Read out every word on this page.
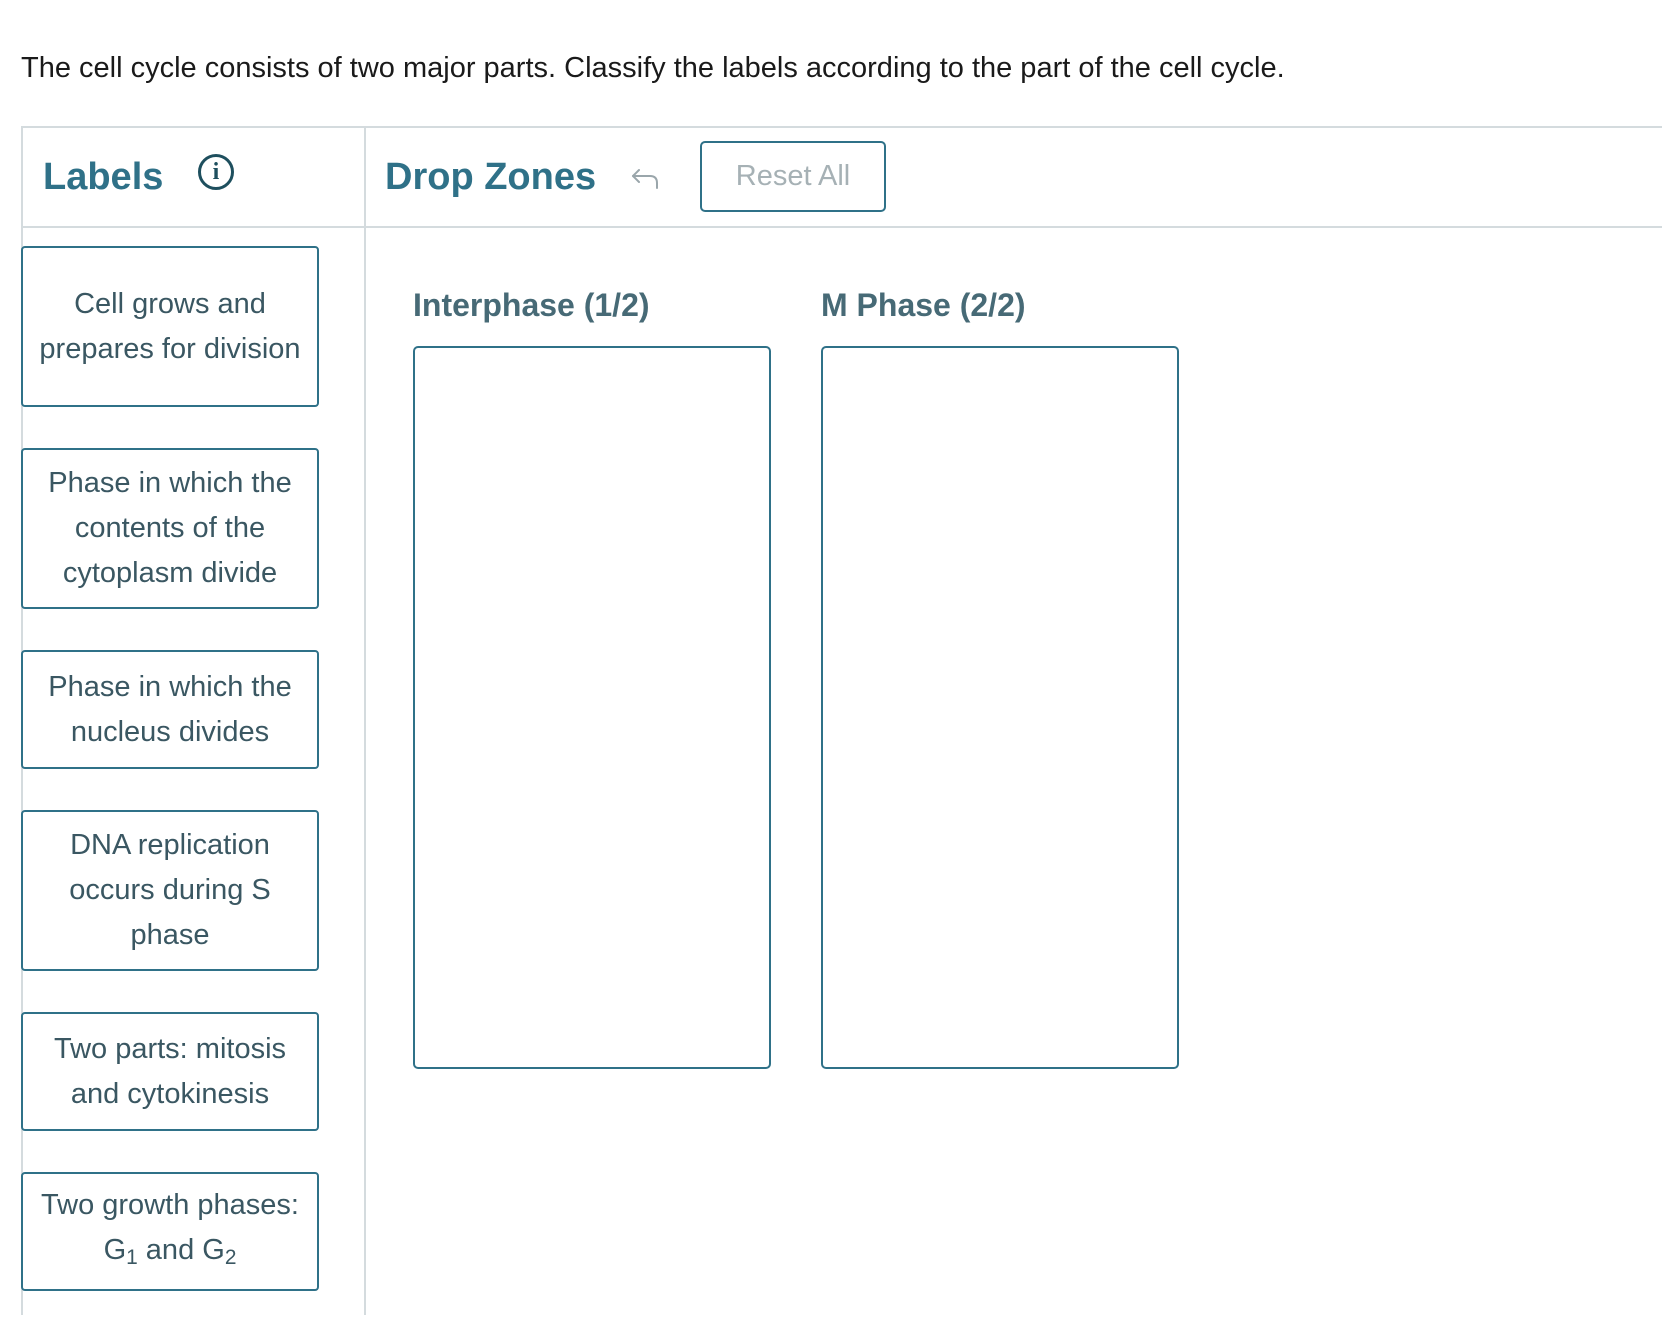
The cell cycle consists of two major parts. Classify the labels according to the part of the cell cycle.
Labels	i	Drop Zones	Reset All
Cell grows and prepares for division
Phase in which the contents of the cytoplasm divide
Phase in which the nucleus divides
DNA replication occurs during S phase
Two parts: mitosis and cytokinesis
Two growth phases: $G_1$ and $G_2$
Interphase (1/2)	M Phase (2/2)
